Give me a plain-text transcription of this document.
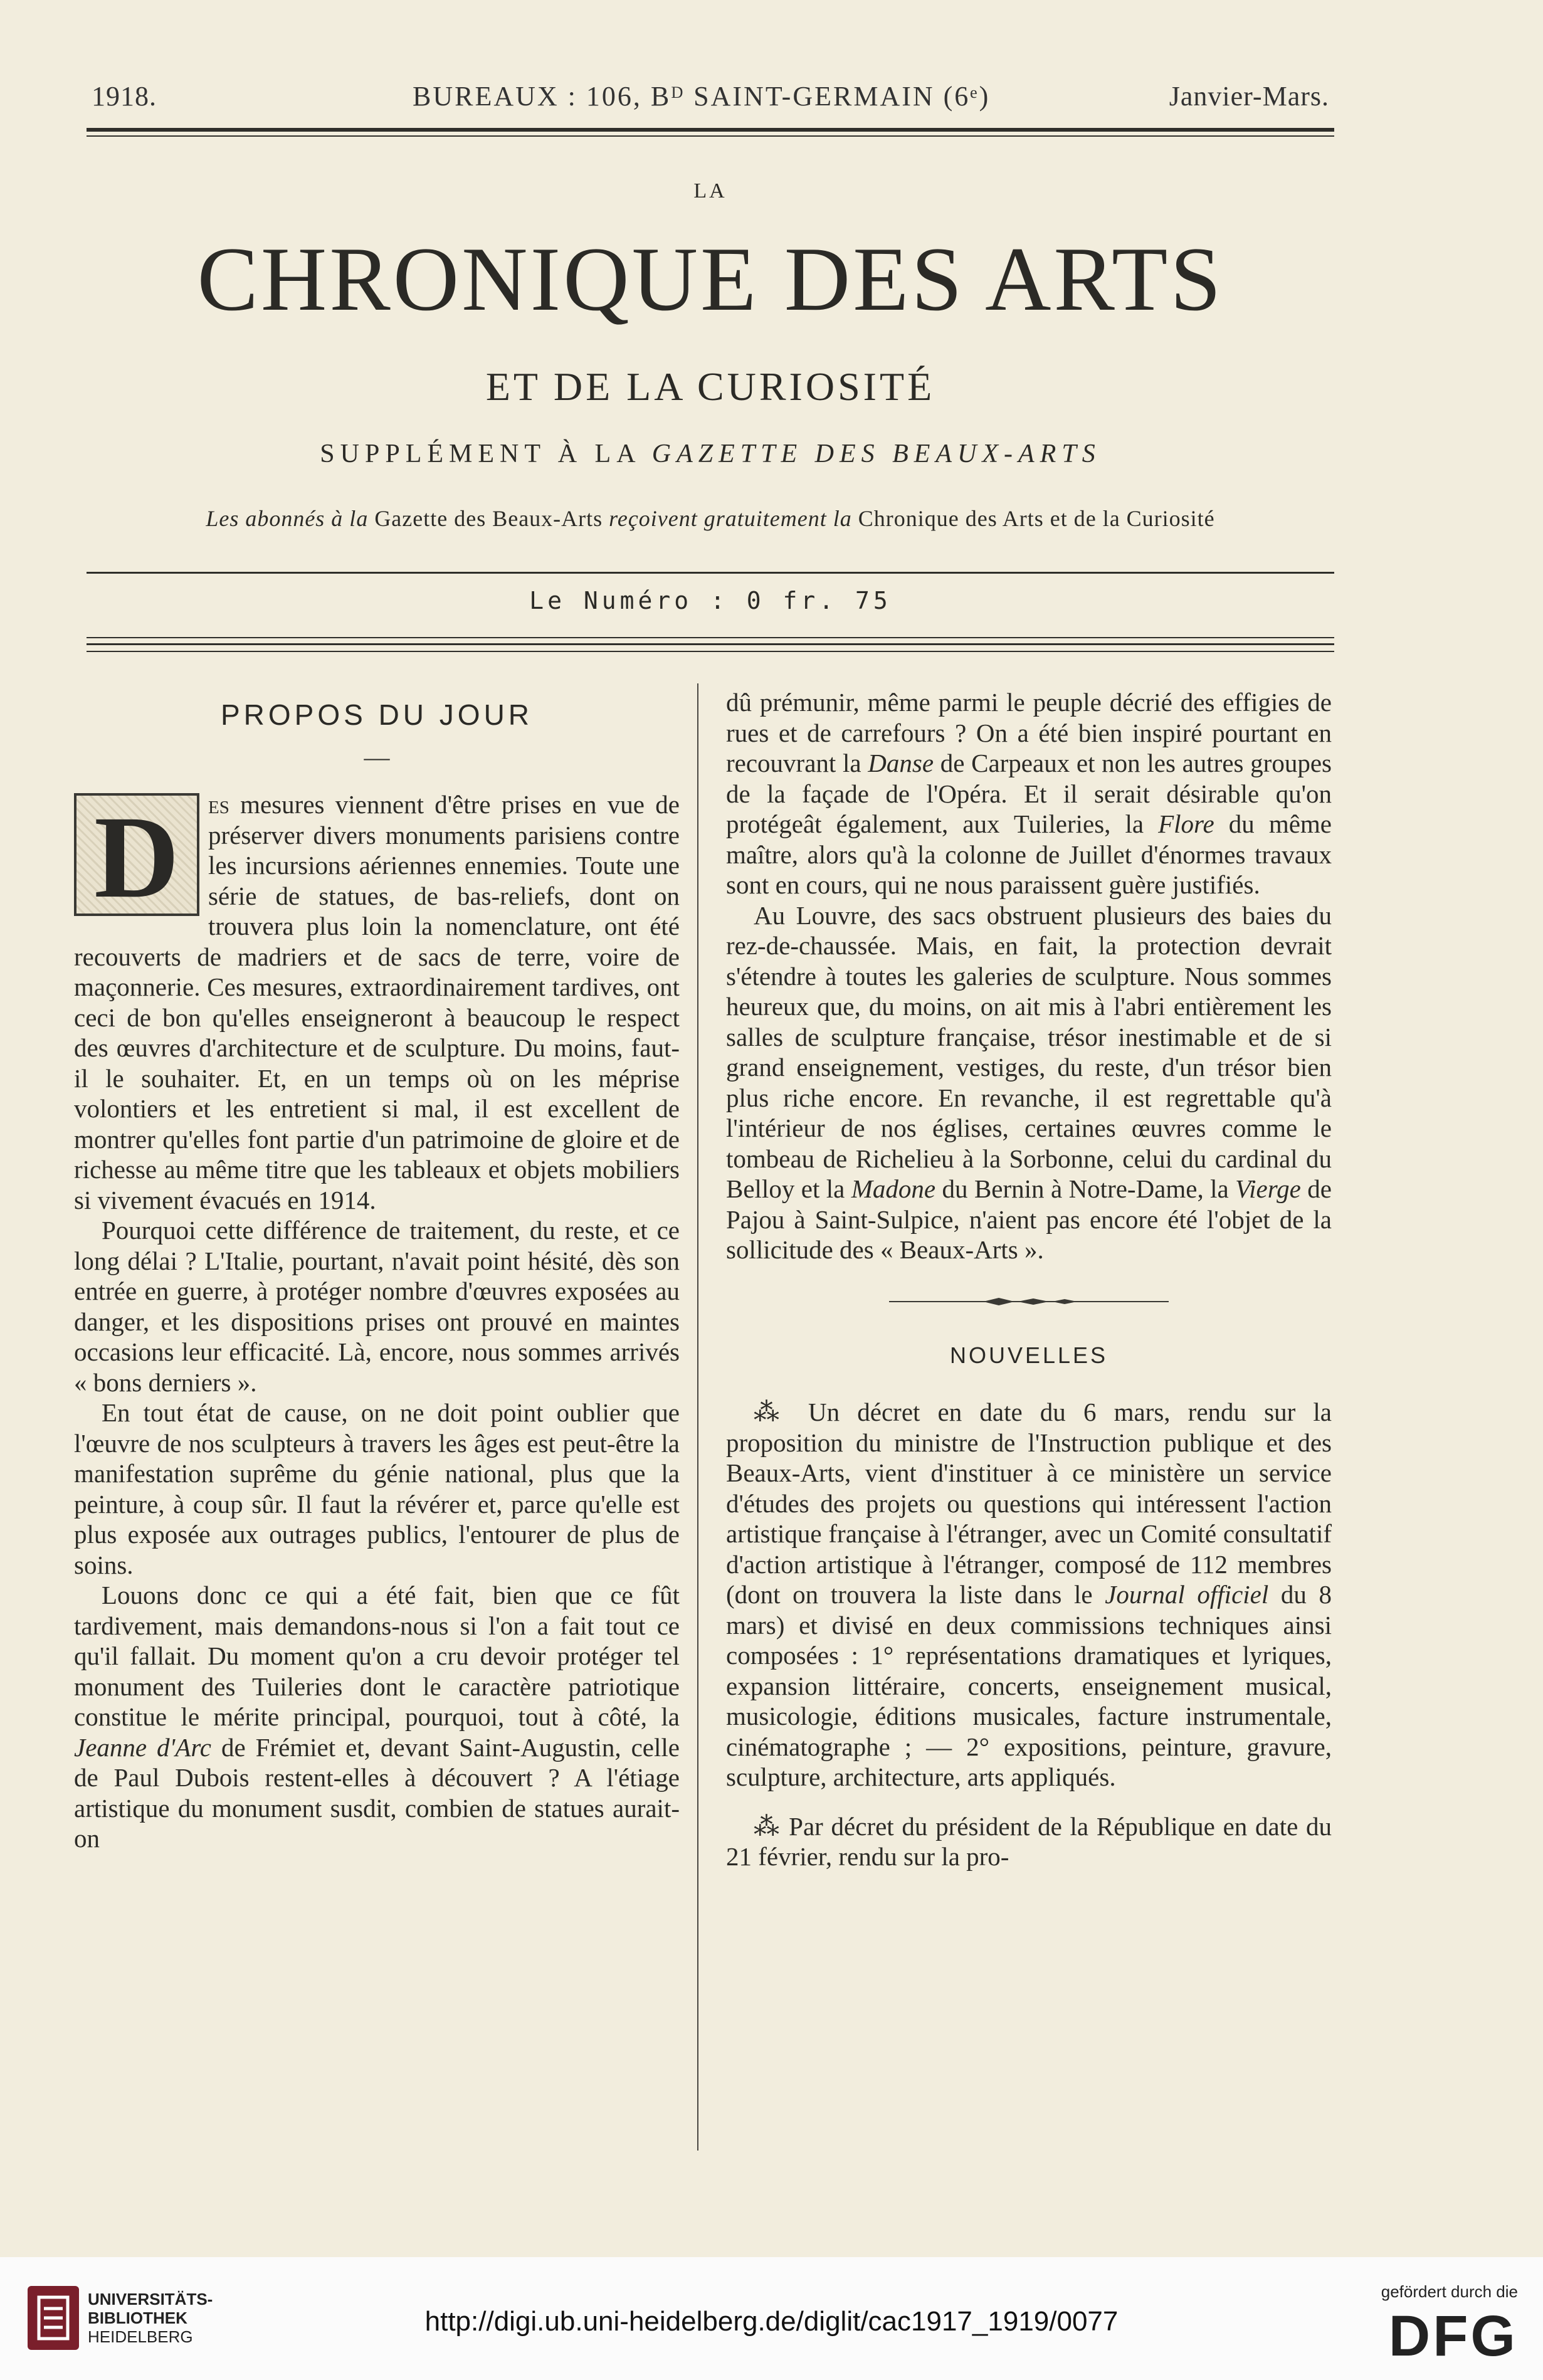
1918.	BUREAUX : 106, Bᴰ SAINT-GERMAIN (6ᵉ)	Janvier-Mars.
LA
CHRONIQUE DES ARTS
ET DE LA CURIOSITÉ
SUPPLÉMENT À LA GAZETTE DES BEAUX-ARTS
Les abonnés à la Gazette des Beaux-Arts reçoivent gratuitement la Chronique des Arts et de la Curiosité
Le Numéro : 0 fr. 75
PROPOS DU JOUR
—

D	es mesures viennent d'être prises en vue de préserver divers monuments parisiens contre les incursions aériennes ennemies. Toute une série de statues, de bas-reliefs, dont on trouvera plus loin la nomenclature, ont été recouverts de madriers et de sacs de terre, voire de maçonnerie. Ces mesures, extraordinairement tardives, ont ceci de bon qu'elles enseigneront à beaucoup le respect des œuvres d'architecture et de sculpture. Du moins, faut-il le souhaiter. Et, en un temps où on les méprise volontiers et les entretient si mal, il est excellent de montrer qu'elles font partie d'un patrimoine de gloire et de richesse au même titre que les tableaux et objets mobiliers si vivement évacués en 1914.

Pourquoi cette différence de traitement, du reste, et ce long délai ? L'Italie, pourtant, n'avait point hésité, dès son entrée en guerre, à protéger nombre d'œuvres exposées au danger, et les dispositions prises ont prouvé en maintes occasions leur efficacité. Là, encore, nous sommes arrivés « bons derniers ».

En tout état de cause, on ne doit point oublier que l'œuvre de nos sculpteurs à travers les âges est peut-être la manifestation suprême du génie national, plus que la peinture, à coup sûr. Il faut la révérer et, parce qu'elle est plus exposée aux outrages publics, l'entourer de plus de soins.

Louons donc ce qui a été fait, bien que ce fût tardivement, mais demandons-nous si l'on a fait tout ce qu'il fallait. Du moment qu'on a cru devoir protéger tel monument des Tuileries dont le caractère patriotique constitue le mérite principal, pourquoi, tout à côté, la Jeanne d'Arc de Frémiet et, devant Saint-Augustin, celle de Paul Dubois restent-elles à découvert ? A l'étiage artistique du monument susdit, combien de statues aurait-on

dû prémunir, même parmi le peuple décrié des effigies de rues et de carrefours ? On a été bien inspiré pourtant en recouvrant la Danse de Carpeaux et non les autres groupes de la façade de l'Opéra. Et il serait désirable qu'on protégeât également, aux Tuileries, la Flore du même maître, alors qu'à la colonne de Juillet d'énormes travaux sont en cours, qui ne nous paraissent guère justifiés.

Au Louvre, des sacs obstruent plusieurs des baies du rez-de-chaussée. Mais, en fait, la protection devrait s'étendre à toutes les galeries de sculpture. Nous sommes heureux que, du moins, on ait mis à l'abri entièrement les salles de sculpture française, trésor inestimable et de si grand enseignement, vestiges, du reste, d'un trésor bien plus riche encore. En revanche, il est regrettable qu'à l'intérieur de nos églises, certaines œuvres comme le tombeau de Richelieu à la Sorbonne, celui du cardinal du Belloy et la Madone du Bernin à Notre-Dame, la Vierge de Pajou à Saint-Sulpice, n'aient pas encore été l'objet de la sollicitude des « Beaux-Arts ».

NOUVELLES

⁂ Un décret en date du 6 mars, rendu sur la proposition du ministre de l'Instruction publique et des Beaux-Arts, vient d'instituer à ce ministère un service d'études des projets ou questions qui intéressent l'action artistique française à l'étranger, avec un Comité consultatif d'action artistique à l'étranger, composé de 112 membres (dont on trouvera la liste dans le Journal officiel du 8 mars) et divisé en deux commissions techniques ainsi composées : 1° représentations dramatiques et lyriques, expansion littéraire, concerts, enseignement musical, musicologie, éditions musicales, facture instrumentale, cinématographe ; — 2° expositions, peinture, gravure, sculpture, architecture, arts appliqués.

⁂ Par décret du président de la République en date du 21 février, rendu sur la pro-

UNIVERSITÄTS-
BIBLIOTHEK
HEIDELBERG	http://digi.ub.uni-heidelberg.de/diglit/cac1917_1919/0077
gefördert durch die
DFG
